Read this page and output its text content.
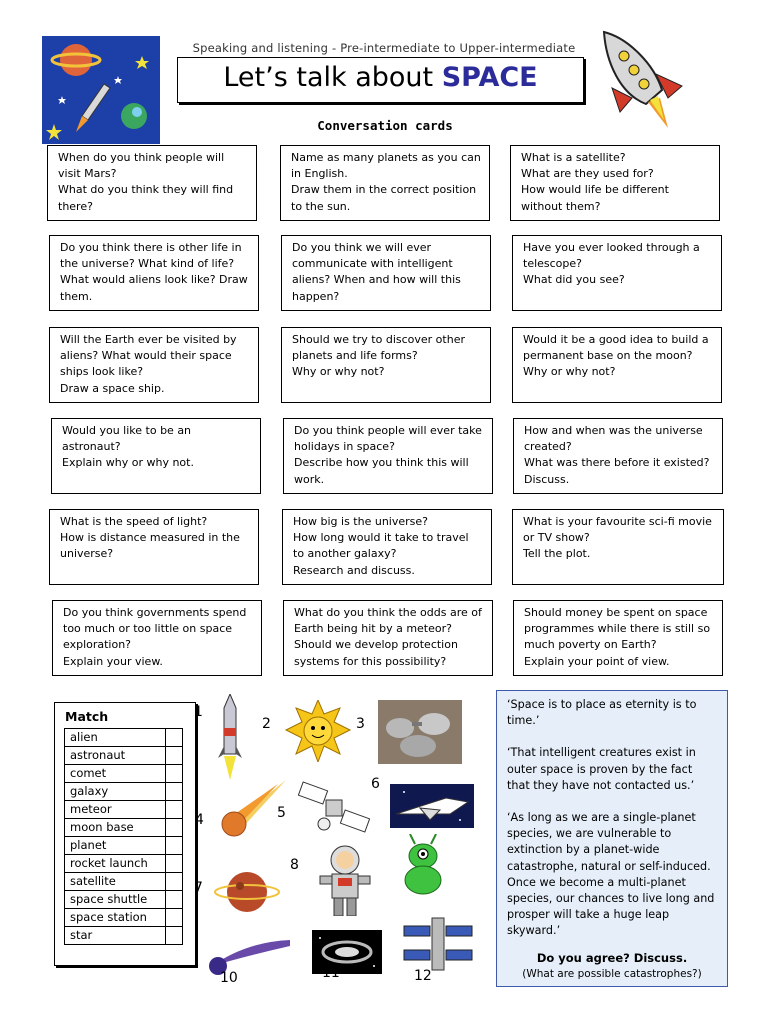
Speaking and listening - Pre-intermediate to Upper-intermediate
Let’s talk about SPACE
Conversation cards
When do you think people will visit Mars?
What do you think they will find there?
Name as many planets as you can in English.
Draw them in the correct position to the sun.
What is a satellite?
What are they used for?
How would life be different without them?
Do you think there is other life in the universe? What kind of life? What would aliens look like? Draw them.
Do you think we will ever communicate with intelligent aliens? When and how will this happen?
Have you ever looked through a telescope?
What did you see?
Will the Earth ever be visited by aliens? What would their space ships look like?
Draw a space ship.
Should we try to discover other planets and life forms?
Why or why not?
Would it be a good idea to build a permanent base on the moon?
Why or why not?
Would you like to be an astronaut?
Explain why or why not.
Do you think people will ever take holidays in space?
Describe how you think this will work.
How and when was the universe created?
What was there before it existed? Discuss.
What is the speed of light?
How is distance measured in the universe?
How big is the universe?
How long would it take to travel to another galaxy?
Research and discuss.
What is your favourite sci-fi movie or TV show?
Tell the plot.
Do you think governments spend too much or too little on space exploration?
Explain your view.
What do you think the odds are of Earth being hit by a meteor? Should we develop protection systems for this possibility?
Should money be spent on space programmes while there is still so much poverty on Earth?
Explain your point of view.
Match
alien	
astronaut	
comet	
galaxy	
meteor	
moon base	
planet	
rocket launch	
satellite	
space shuttle	
space station	
star	
1
2	3
4	5
6
7
8
10	11	12

‘Space is to place as eternity is to time.’

‘That intelligent creatures exist in outer space is proven by the fact that they have not contacted us.’

‘As long as we are a single-planet species, we are vulnerable to extinction by a planet-wide catastrophe, natural or self-induced. Once we become a multi-planet species, our chances to live long and prosper will take a huge leap skyward.’

Do you agree? Discuss.
(What are possible catastrophes?)
